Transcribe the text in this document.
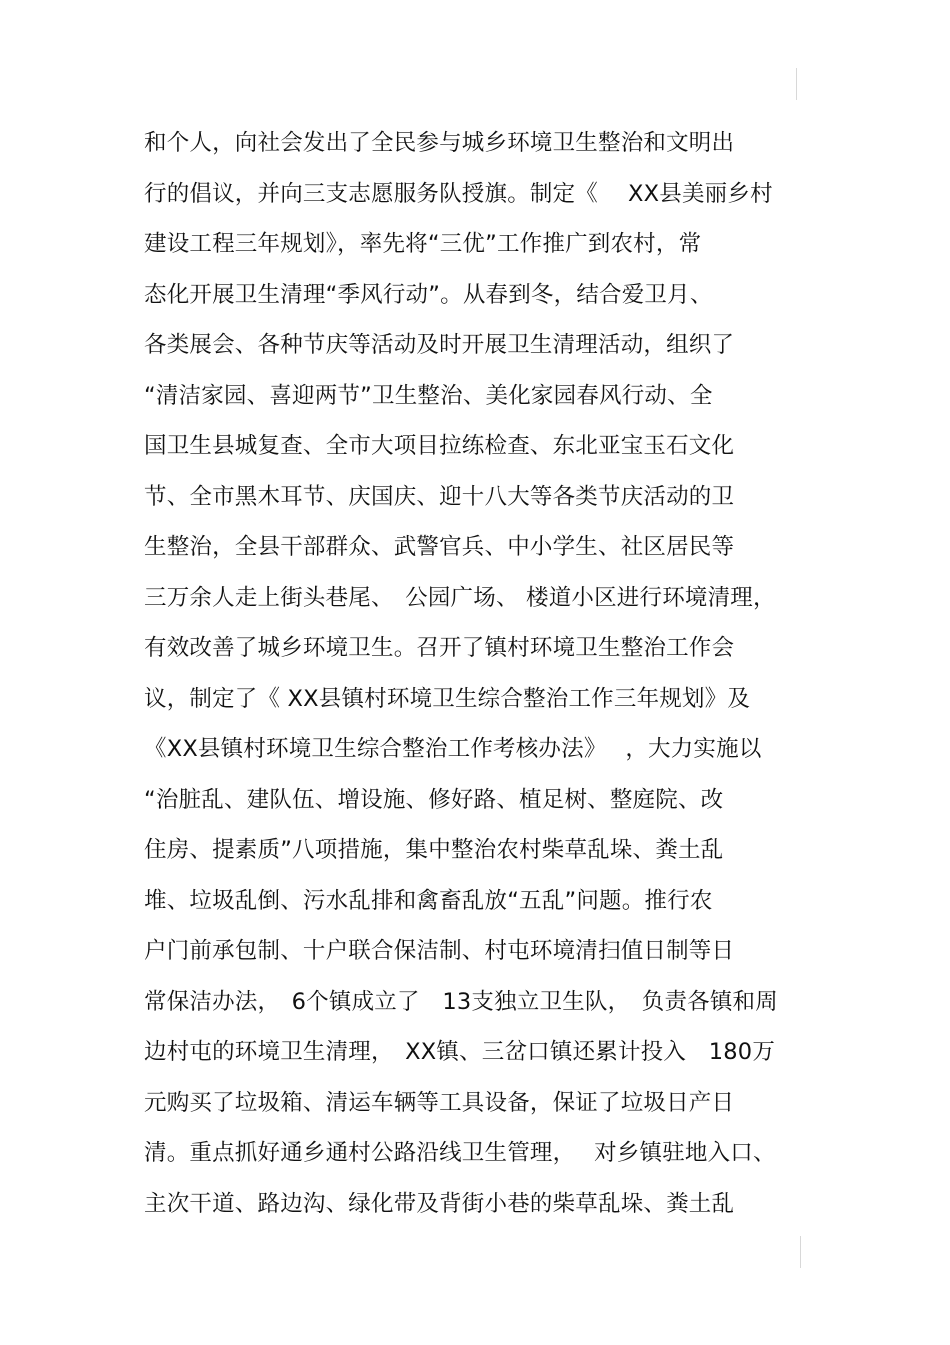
和个人，向社会发出了全民参与城乡环境卫生整治和文明出
行的倡议，并向三支志愿服务队授旗。制定《　 XX县美丽乡村
建设工程三年规划》，率先将“三优”工作推广到农村，常
态化开展卫生清理“季风行动”。从春到冬，结合爱卫月、
各类展会、各种节庆等活动及时开展卫生清理活动，组织了
“清洁家园、喜迎两节”卫生整治、美化家园春风行动、全
国卫生县城复查、全市大项目拉练检查、东北亚宝玉石文化
节、全市黑木耳节、庆国庆、迎十八大等各类节庆活动的卫
生整治，全县干部群众、武警官兵、中小学生、社区居民等
三万余人走上街头巷尾、　公园广场、 楼道小区进行环境清理，
有效改善了城乡环境卫生。召开了镇村环境卫生整治工作会
议，制定了《 XX县镇村环境卫生综合整治工作三年规划》及
《XX县镇村环境卫生综合整治工作考核办法》　 ，大力实施以
“治脏乱、建队伍、增设施、修好路、植足树、整庭院、改
住房、提素质”八项措施，集中整治农村柴草乱垛、粪土乱
堆、垃圾乱倒、污水乱排和禽畜乱放“五乱”问题。推行农
户门前承包制、十户联合保洁制、村屯环境清扫值日制等日
常保洁办法，　6个镇成立了　13支独立卫生队，　负责各镇和周
边村屯的环境卫生清理，　XX镇、三岔口镇还累计投入　180万
元购买了垃圾箱、清运车辆等工具设备，保证了垃圾日产日
清。重点抓好通乡通村公路沿线卫生管理，　 对乡镇驻地入口、
主次干道、路边沟、绿化带及背街小巷的柴草乱垛、粪土乱
